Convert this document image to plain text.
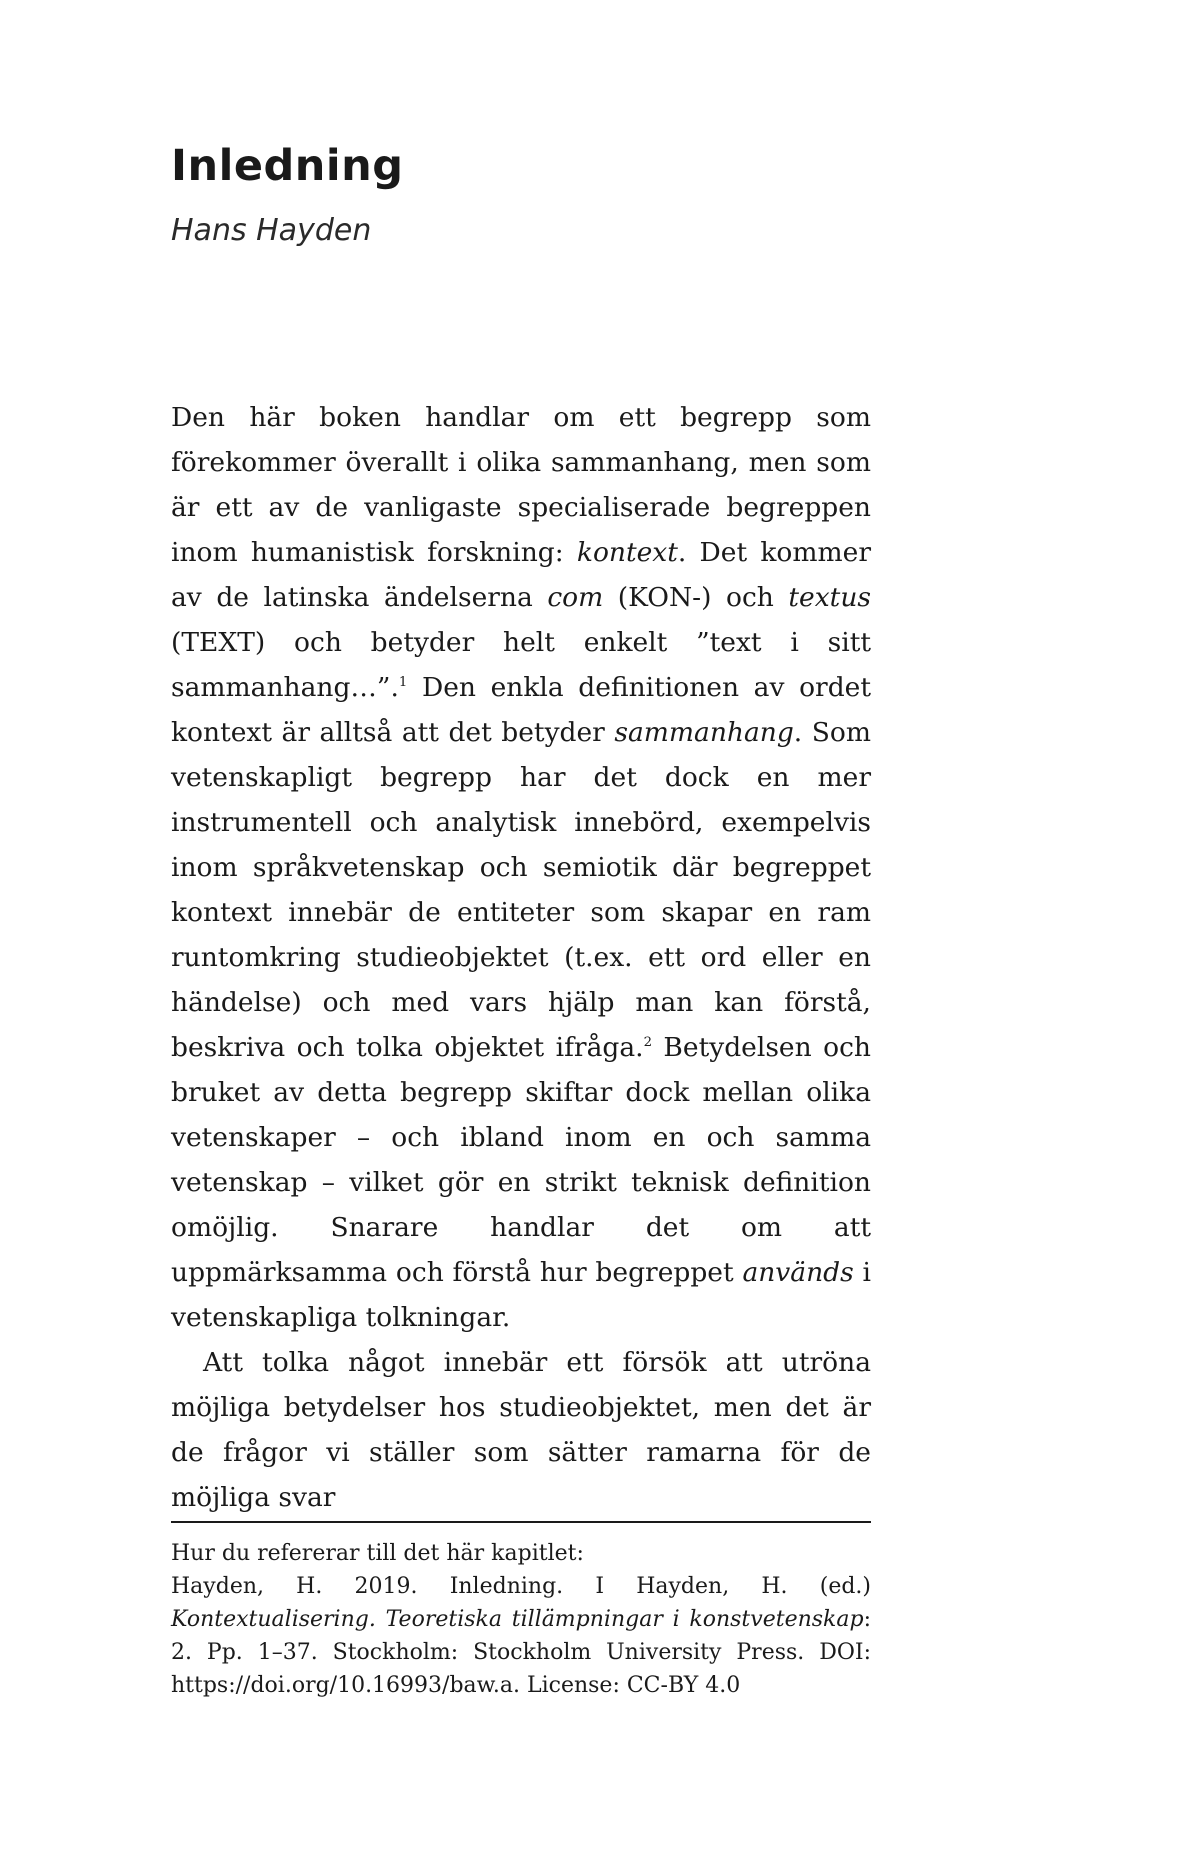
Inledning
Hans Hayden

Den här boken handlar om ett begrepp som förekommer överallt i olika sammanhang, men som är ett av de vanligaste specialiserade begreppen inom humanistisk forskning: kontext. Det kommer av de latinska ändelserna com (KON-) och textus (TEXT) och betyder helt enkelt ”text i sitt sammanhang…”.$^1$ Den enkla definitionen av ordet kontext är alltså att det betyder sammanhang. Som vetenskapligt begrepp har det dock en mer instrumentell och analytisk innebörd, exempelvis inom språkvetenskap och semiotik där begreppet kontext innebär de entiteter som skapar en ram runtomkring studieobjektet (t.ex. ett ord eller en händelse) och med vars hjälp man kan förstå, beskriva och tolka objektet ifråga.$^2$ Betydelsen och bruket av detta begrepp skiftar dock mellan olika vetenskaper – och ibland inom en och samma vetenskap – vilket gör en strikt teknisk definition omöjlig. Snarare handlar det om att uppmärksamma och förstå hur begreppet används i vetenskapliga tolkningar.

Att tolka något innebär ett försök att utröna möjliga betydelser hos studieobjektet, men det är de frågor vi ställer som sätter ramarna för de möjliga svar

Hur du refererar till det här kapitlet:

Hayden, H. 2019. Inledning. I Hayden, H. (ed.) Kontextualisering. Teoretiska tillämpningar i konstvetenskap: 2. Pp. 1–37. Stockholm: Stockholm University Press. DOI: https://doi.org/10.16993/baw.a. License: CC-BY 4.0
